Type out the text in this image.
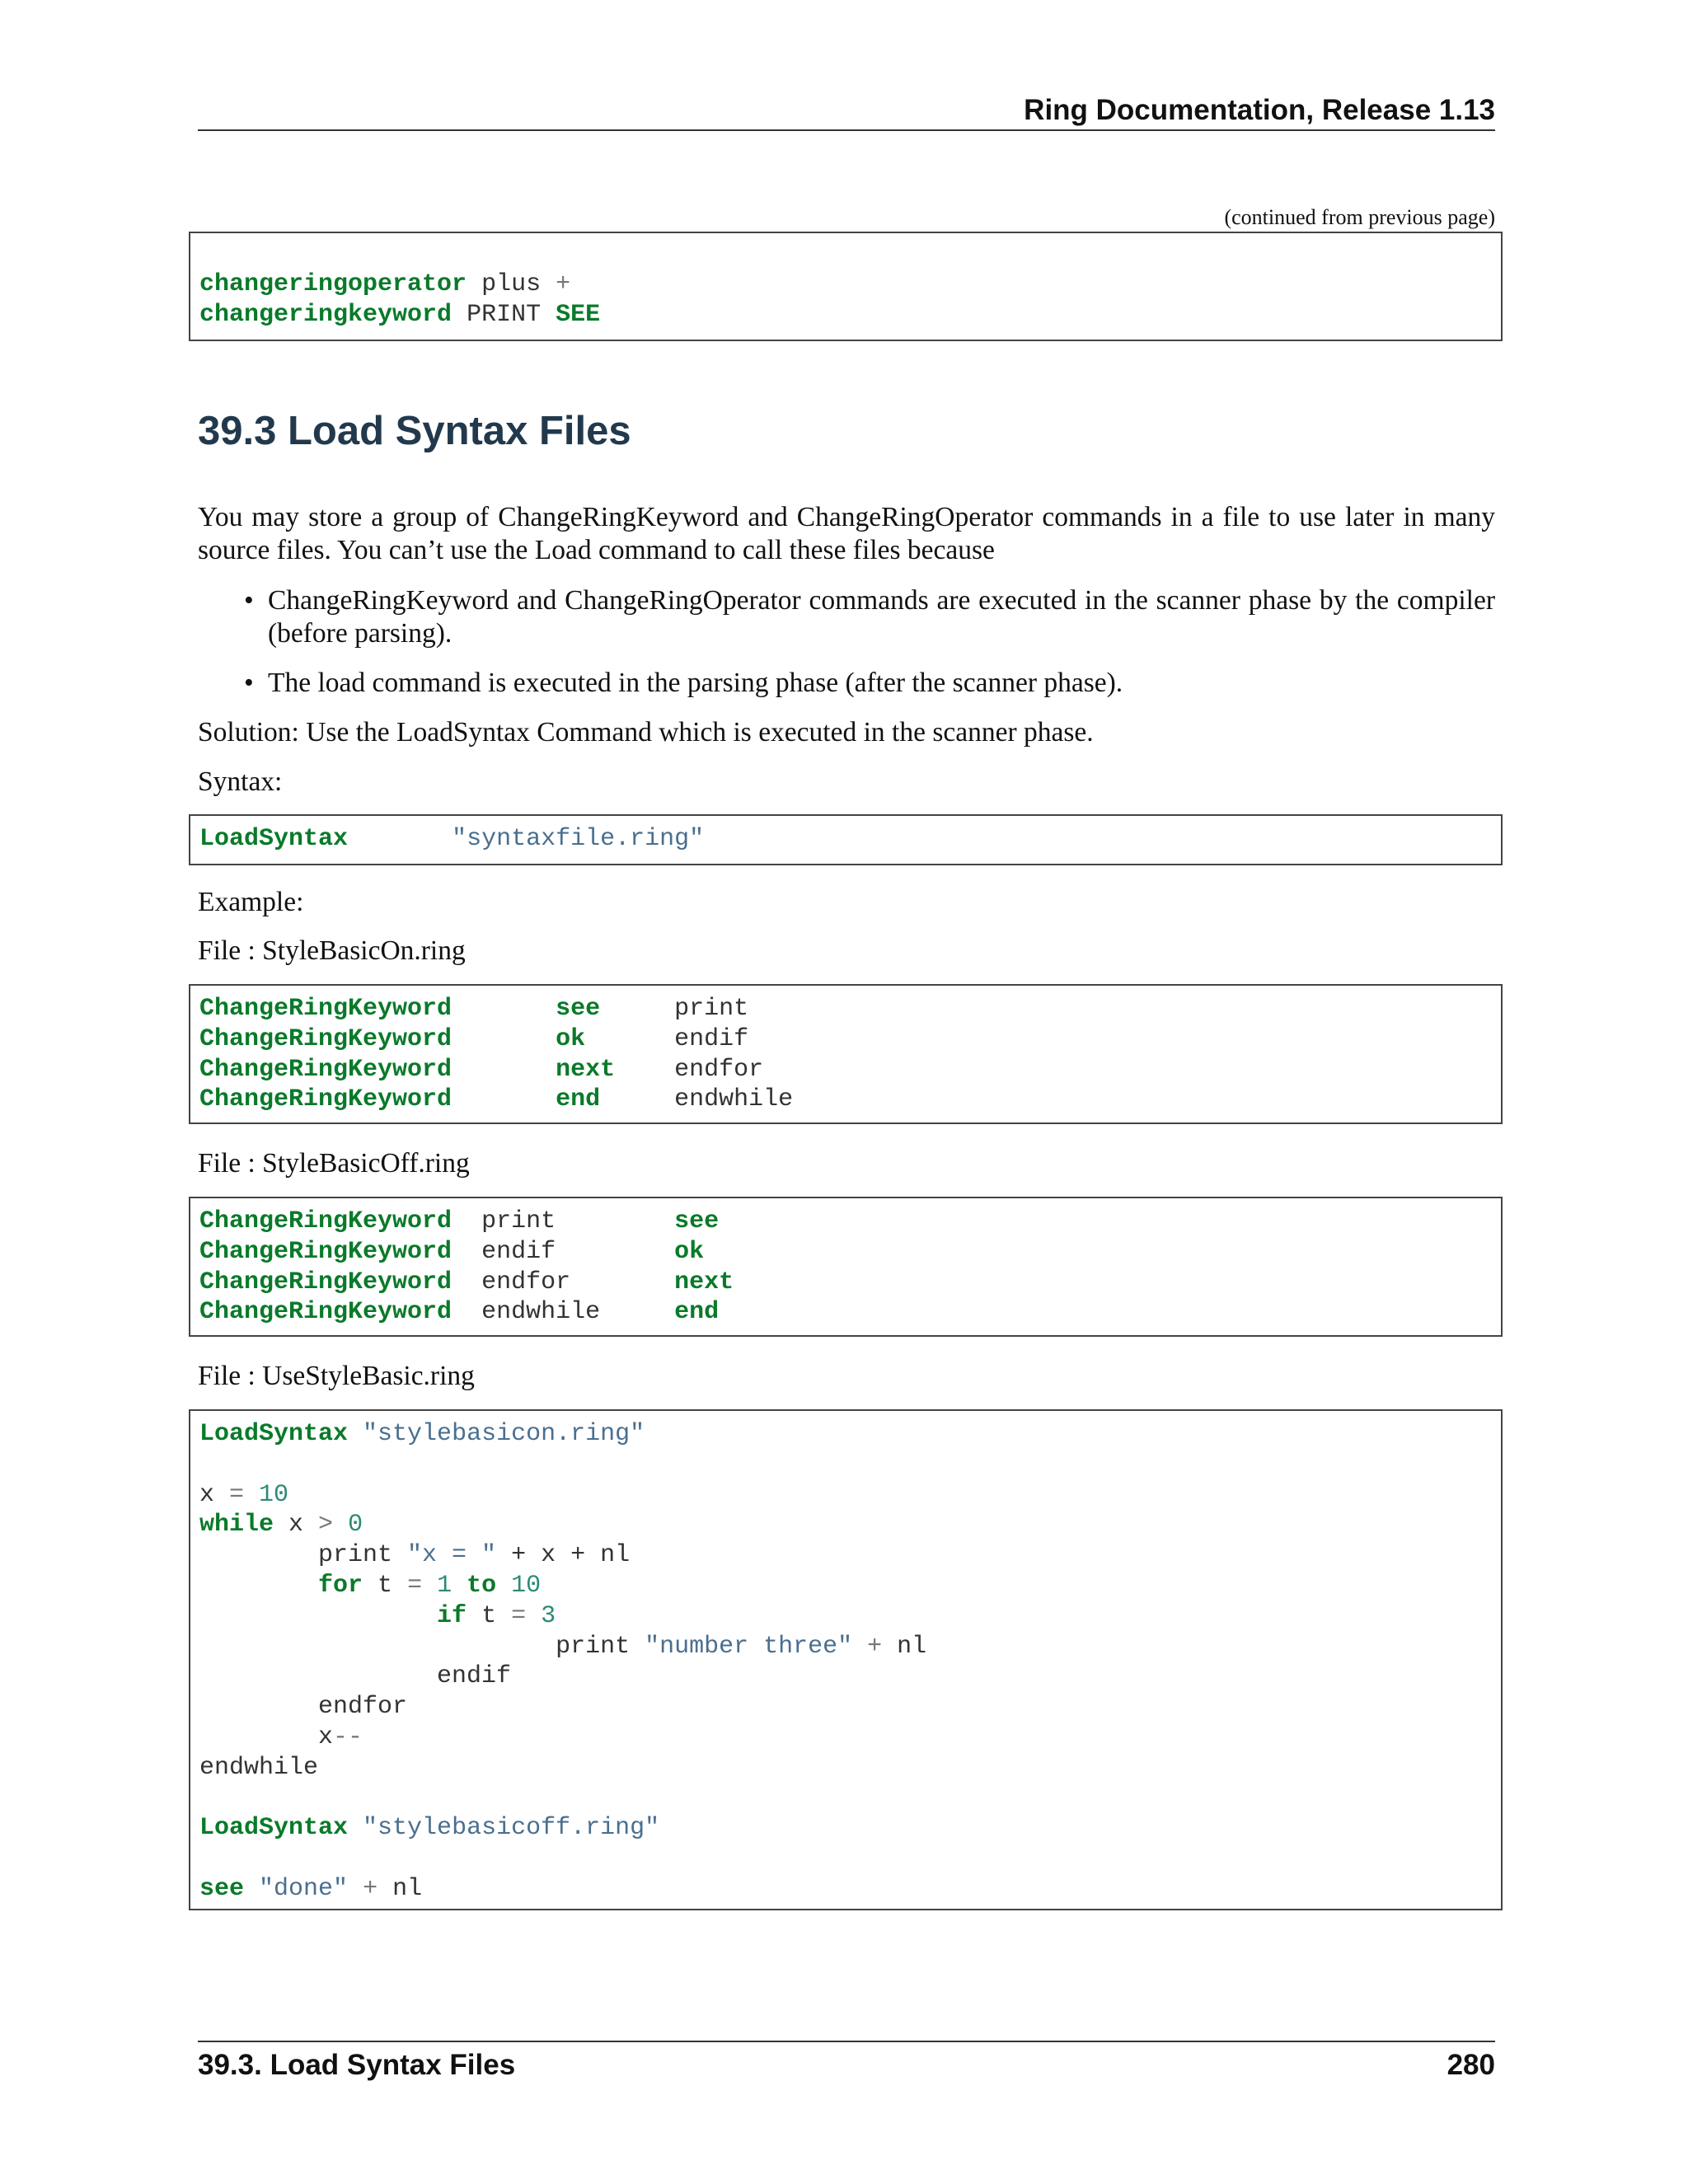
Ring Documentation, Release 1.13
(continued from previous page)
changeringoperator plus +
changeringkeyword PRINT SEE
39.3 Load Syntax Files

You may store a group of ChangeRingKeyword and ChangeRingOperator commands in a file to use later in many source files. You can’t use the Load command to call these files because

• ChangeRingKeyword and ChangeRingOperator commands are executed in the scanner phase by the compiler (before parsing).
• The load command is executed in the parsing phase (after the scanner phase).

Solution: Use the LoadSyntax Command which is executed in the scanner phase.

Syntax:

LoadSyntax	"syntaxfile.ring"

Example:

File : StyleBasicOn.ring

ChangeRingKeyword	see     print
ChangeRingKeyword	ok      endif
ChangeRingKeyword	next    endfor
ChangeRingKeyword	end     endwhile

File : StyleBasicOff.ring

ChangeRingKeyword  print        see
ChangeRingKeyword  endif        ok
ChangeRingKeyword  endfor       next
ChangeRingKeyword  endwhile     end

File : UseStyleBasic.ring

LoadSyntax "stylebasicon.ring"

x = 10
while x > 0
print "x = " + x + nl
for t = 1 to 10
if t = 3
print "number three" + nl
endif
endfor
x--
endwhile

LoadSyntax "stylebasicoff.ring"

see "done" + nl
39.3. Load Syntax Files	280
